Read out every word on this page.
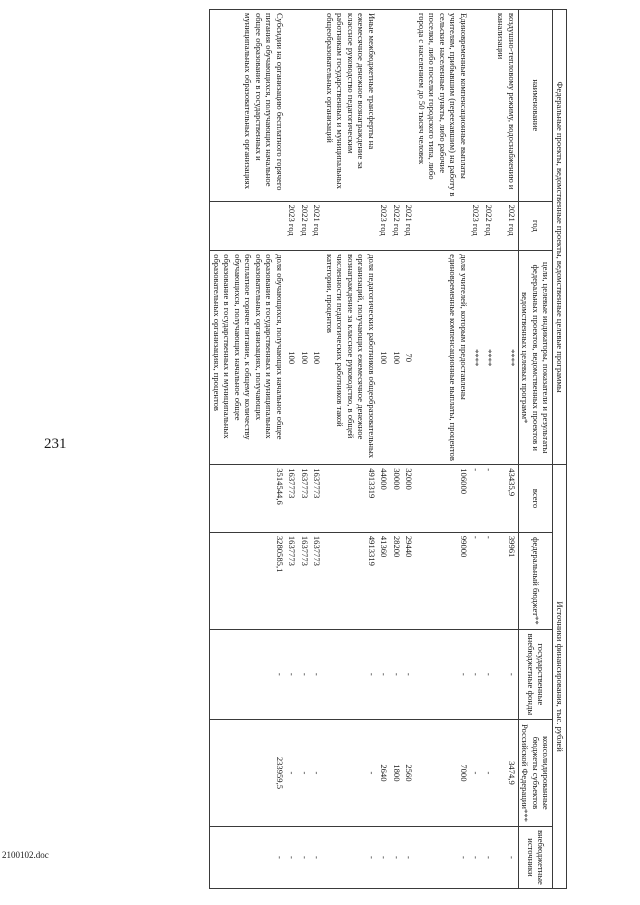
231
2100102.doc
Федеральные проекты, ведомственные проекты, ведомственные целевые программы			Источники финансирования, тыс. рублей				
наименование	год	цели, целевые индикаторы, показатели и результаты федеральных проектов, ведомственных проектов и ведомственных целевых программ*	всего	федеральный бюджет**	государственные внебюджетные фонды	консолидированные бюджеты субъектов Российской Федерации***	внебюджетные источники
воздушно-тепловому режиму, водоснабжению и канализации	2021 год	****	43435,9	39961	-	3474,9	-
	2022 год	****	-	-	-	-	-
	2023 год	****	-	-	-	-	-
Единовременные компенсационные выплаты учителям, прибывшим (переехавшим) на работу в сельские населенные пункты, либо рабочие поселки, либо поселки городского типа, либо города с населением до 50 тысяч человек		доля учителей, которым предоставлены единовременные компенсационные выплаты, процентов	106000	99000	-	7000	-
	2021 год	70	32000	29440	-	2560	-
	2022 год	100	30000	28200	-	1800	-
	2023 год	100	44000	41360	-	2640	-
Иные межбюджетные трансферты на ежемесячное денежное вознаграждение за классное руководство педагогическим работникам государственных и муниципальных общеобразовательных организаций		доля педагогических работников общеобразовательных организаций, получающих ежемесячное денежное вознаграждение за классное руководство, в общей численности педагогических работников такой категории, процентов	4913319	4913319	-	-	-
	2021 год	100	1637773	1637773	-	-	-
	2022 год	100	1637773	1637773	-	-	-
	2023 год	100	1637773	1637773	-	-	-
Субсидии на организацию бесплатного горячего питания обучающихся, получающих начальное общее образование в государственных и муниципальных образовательных организациях		доля обучающихся, получающих начальное общее образование в государственных и муниципальных образовательных организациях, получающих бесплатное горячее питание, к общему количеству обучающихся, получающих начальное общее образование в государственных и муниципальных образовательных организациях, процентов	3514544,6	3280585,1	-	233959,5	-
